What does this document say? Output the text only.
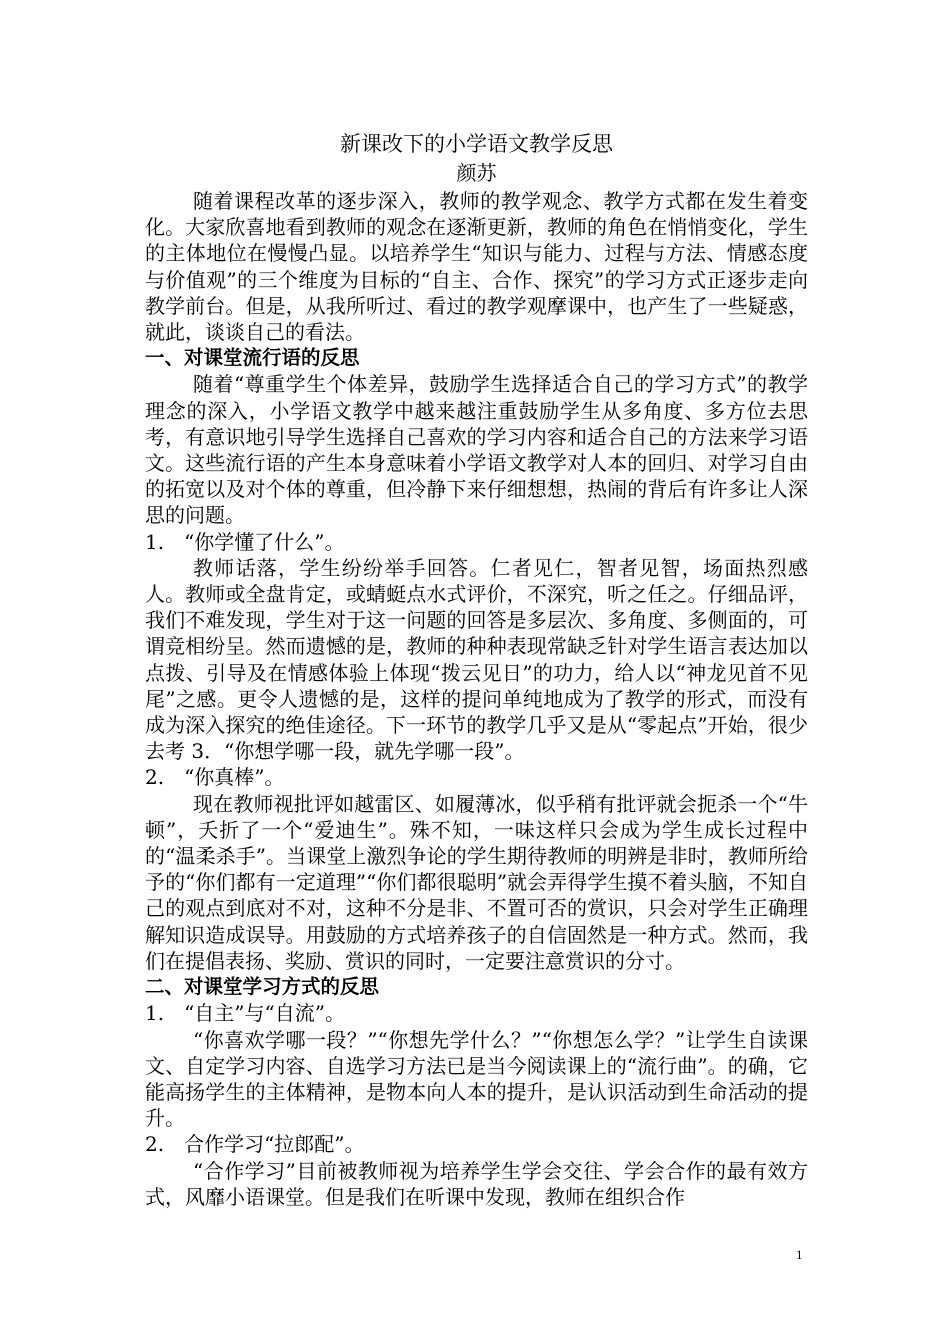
新课改下的小学语文教学反思
颜苏

随着课程改革的逐步深入，教师的教学观念、教学方式都在发生着变化。大家欣喜地看到教师的观念在逐渐更新，教师的角色在悄悄变化，学生的主体地位在慢慢凸显。以培养学生“知识与能力、过程与方法、情感态度与价值观”的三个维度为目标的“自主、合作、探究”的学习方式正逐步走向教学前台。但是，从我所听过、看过的教学观摩课中，也产生了一些疑惑，就此，谈谈自己的看法。

一、对课堂流行语的反思

随着“尊重学生个体差异，鼓励学生选择适合自己的学习方式”的教学理念的深入，小学语文教学中越来越注重鼓励学生从多角度、多方位去思考，有意识地引导学生选择自己喜欢的学习内容和适合自己的方法来学习语文。这些流行语的产生本身意味着小学语文教学对人本的回归、对学习自由的拓宽以及对个体的尊重，但冷静下来仔细想想，热闹的背后有许多让人深思的问题。

1.　“你学懂了什么”。

教师话落，学生纷纷举手回答。仁者见仁，智者见智，场面热烈感人。教师或全盘肯定，或蜻蜓点水式评价，不深究，听之任之。仔细品评，我们不难发现，学生对于这一问题的回答是多层次、多角度、多侧面的，可谓竞相纷呈。然而遗憾的是，教师的种种表现常缺乏针对学生语言表达加以点拨、引导及在情感体验上体现“拨云见日”的功力，给人以“神龙见首不见尾”之感。更令人遗憾的是，这样的提问单纯地成为了教学的形式，而没有成为深入探究的绝佳途径。下一环节的教学几乎又是从“零起点”开始，很少去考 3．“你想学哪一段，就先学哪一段”。

2.　“你真棒”。

现在教师视批评如越雷区、如履薄冰，似乎稍有批评就会扼杀一个“牛顿”，夭折了一个“爱迪生”。殊不知，一味这样只会成为学生成长过程中的“温柔杀手”。当课堂上激烈争论的学生期待教师的明辨是非时，教师所给予的“你们都有一定道理”“你们都很聪明”就会弄得学生摸不着头脑，不知自己的观点到底对不对，这种不分是非、不置可否的赏识，只会对学生正确理解知识造成误导。用鼓励的方式培养孩子的自信固然是一种方式。然而，我们在提倡表扬、奖励、赏识的同时，一定要注意赏识的分寸。

二、对课堂学习方式的反思

1.　“自主”与“自流”。

“你喜欢学哪一段？”“你想先学什么？”“你想怎么学？”让学生自读课文、自定学习内容、自选学习方法已是当今阅读课上的“流行曲”。的确，它能高扬学生的主体精神，是物本向人本的提升，是认识活动到生命活动的提升。

2.　合作学习“拉郎配”。

“合作学习”目前被教师视为培养学生学会交往、学会合作的最有效方式，风靡小语课堂。但是我们在听课中发现，教师在组织合作

1
